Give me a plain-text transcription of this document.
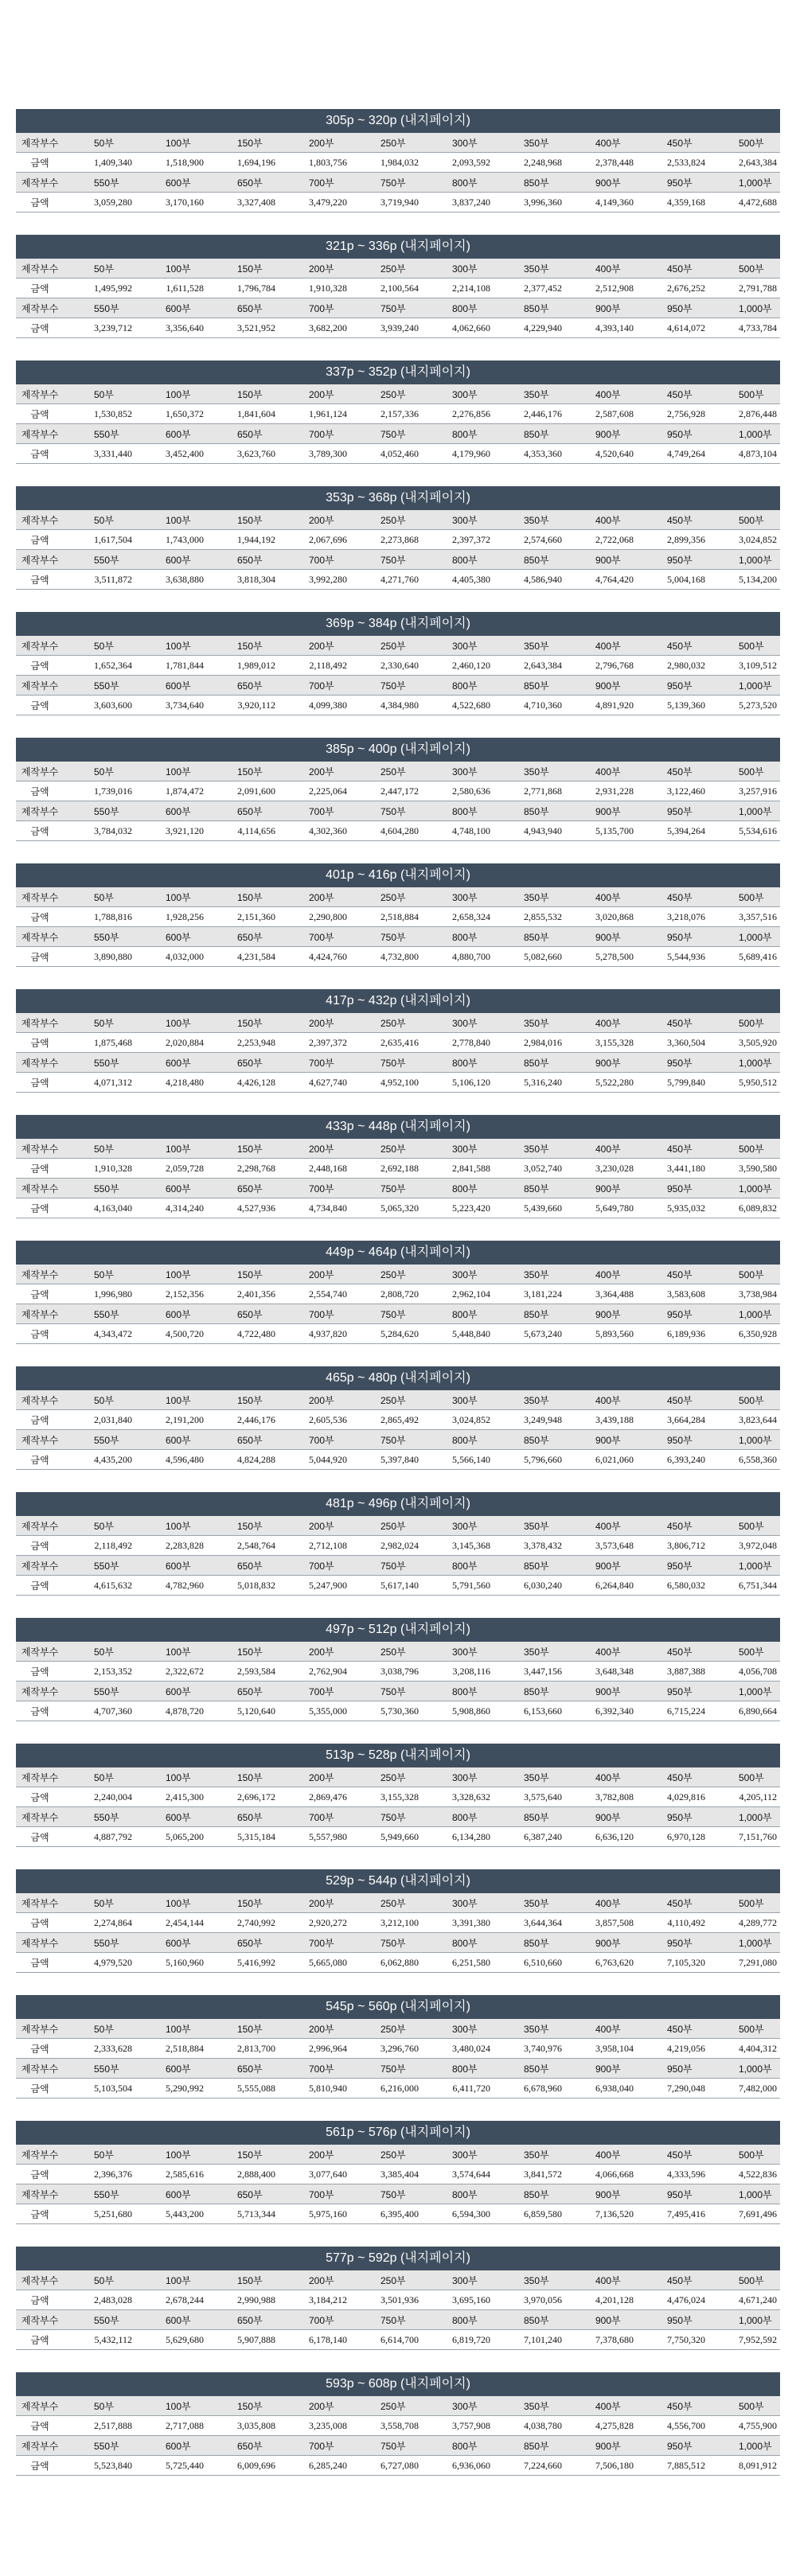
305p ~ 320p (내지페이지)
제작부수	50부	100부	150부	200부	250부	300부	350부	400부	450부	500부
금액	1,409,340	1,518,900	1,694,196	1,803,756	1,984,032	2,093,592	2,248,968	2,378,448	2,533,824	2,643,384
제작부수	550부	600부	650부	700부	750부	800부	850부	900부	950부	1,000부
금액	3,059,280	3,170,160	3,327,408	3,479,220	3,719,940	3,837,240	3,996,360	4,149,360	4,359,168	4,472,688
321p ~ 336p (내지페이지)
제작부수	50부	100부	150부	200부	250부	300부	350부	400부	450부	500부
금액	1,495,992	1,611,528	1,796,784	1,910,328	2,100,564	2,214,108	2,377,452	2,512,908	2,676,252	2,791,788
제작부수	550부	600부	650부	700부	750부	800부	850부	900부	950부	1,000부
금액	3,239,712	3,356,640	3,521,952	3,682,200	3,939,240	4,062,660	4,229,940	4,393,140	4,614,072	4,733,784
337p ~ 352p (내지페이지)
제작부수	50부	100부	150부	200부	250부	300부	350부	400부	450부	500부
금액	1,530,852	1,650,372	1,841,604	1,961,124	2,157,336	2,276,856	2,446,176	2,587,608	2,756,928	2,876,448
제작부수	550부	600부	650부	700부	750부	800부	850부	900부	950부	1,000부
금액	3,331,440	3,452,400	3,623,760	3,789,300	4,052,460	4,179,960	4,353,360	4,520,640	4,749,264	4,873,104
353p ~ 368p (내지페이지)
제작부수	50부	100부	150부	200부	250부	300부	350부	400부	450부	500부
금액	1,617,504	1,743,000	1,944,192	2,067,696	2,273,868	2,397,372	2,574,660	2,722,068	2,899,356	3,024,852
제작부수	550부	600부	650부	700부	750부	800부	850부	900부	950부	1,000부
금액	3,511,872	3,638,880	3,818,304	3,992,280	4,271,760	4,405,380	4,586,940	4,764,420	5,004,168	5,134,200
369p ~ 384p (내지페이지)
제작부수	50부	100부	150부	200부	250부	300부	350부	400부	450부	500부
금액	1,652,364	1,781,844	1,989,012	2,118,492	2,330,640	2,460,120	2,643,384	2,796,768	2,980,032	3,109,512
제작부수	550부	600부	650부	700부	750부	800부	850부	900부	950부	1,000부
금액	3,603,600	3,734,640	3,920,112	4,099,380	4,384,980	4,522,680	4,710,360	4,891,920	5,139,360	5,273,520
385p ~ 400p (내지페이지)
제작부수	50부	100부	150부	200부	250부	300부	350부	400부	450부	500부
금액	1,739,016	1,874,472	2,091,600	2,225,064	2,447,172	2,580,636	2,771,868	2,931,228	3,122,460	3,257,916
제작부수	550부	600부	650부	700부	750부	800부	850부	900부	950부	1,000부
금액	3,784,032	3,921,120	4,114,656	4,302,360	4,604,280	4,748,100	4,943,940	5,135,700	5,394,264	5,534,616
401p ~ 416p (내지페이지)
제작부수	50부	100부	150부	200부	250부	300부	350부	400부	450부	500부
금액	1,788,816	1,928,256	2,151,360	2,290,800	2,518,884	2,658,324	2,855,532	3,020,868	3,218,076	3,357,516
제작부수	550부	600부	650부	700부	750부	800부	850부	900부	950부	1,000부
금액	3,890,880	4,032,000	4,231,584	4,424,760	4,732,800	4,880,700	5,082,660	5,278,500	5,544,936	5,689,416
417p ~ 432p (내지페이지)
제작부수	50부	100부	150부	200부	250부	300부	350부	400부	450부	500부
금액	1,875,468	2,020,884	2,253,948	2,397,372	2,635,416	2,778,840	2,984,016	3,155,328	3,360,504	3,505,920
제작부수	550부	600부	650부	700부	750부	800부	850부	900부	950부	1,000부
금액	4,071,312	4,218,480	4,426,128	4,627,740	4,952,100	5,106,120	5,316,240	5,522,280	5,799,840	5,950,512
433p ~ 448p (내지페이지)
제작부수	50부	100부	150부	200부	250부	300부	350부	400부	450부	500부
금액	1,910,328	2,059,728	2,298,768	2,448,168	2,692,188	2,841,588	3,052,740	3,230,028	3,441,180	3,590,580
제작부수	550부	600부	650부	700부	750부	800부	850부	900부	950부	1,000부
금액	4,163,040	4,314,240	4,527,936	4,734,840	5,065,320	5,223,420	5,439,660	5,649,780	5,935,032	6,089,832
449p ~ 464p (내지페이지)
제작부수	50부	100부	150부	200부	250부	300부	350부	400부	450부	500부
금액	1,996,980	2,152,356	2,401,356	2,554,740	2,808,720	2,962,104	3,181,224	3,364,488	3,583,608	3,738,984
제작부수	550부	600부	650부	700부	750부	800부	850부	900부	950부	1,000부
금액	4,343,472	4,500,720	4,722,480	4,937,820	5,284,620	5,448,840	5,673,240	5,893,560	6,189,936	6,350,928
465p ~ 480p (내지페이지)
제작부수	50부	100부	150부	200부	250부	300부	350부	400부	450부	500부
금액	2,031,840	2,191,200	2,446,176	2,605,536	2,865,492	3,024,852	3,249,948	3,439,188	3,664,284	3,823,644
제작부수	550부	600부	650부	700부	750부	800부	850부	900부	950부	1,000부
금액	4,435,200	4,596,480	4,824,288	5,044,920	5,397,840	5,566,140	5,796,660	6,021,060	6,393,240	6,558,360
481p ~ 496p (내지페이지)
제작부수	50부	100부	150부	200부	250부	300부	350부	400부	450부	500부
금액	2,118,492	2,283,828	2,548,764	2,712,108	2,982,024	3,145,368	3,378,432	3,573,648	3,806,712	3,972,048
제작부수	550부	600부	650부	700부	750부	800부	850부	900부	950부	1,000부
금액	4,615,632	4,782,960	5,018,832	5,247,900	5,617,140	5,791,560	6,030,240	6,264,840	6,580,032	6,751,344
497p ~ 512p (내지페이지)
제작부수	50부	100부	150부	200부	250부	300부	350부	400부	450부	500부
금액	2,153,352	2,322,672	2,593,584	2,762,904	3,038,796	3,208,116	3,447,156	3,648,348	3,887,388	4,056,708
제작부수	550부	600부	650부	700부	750부	800부	850부	900부	950부	1,000부
금액	4,707,360	4,878,720	5,120,640	5,355,000	5,730,360	5,908,860	6,153,660	6,392,340	6,715,224	6,890,664
513p ~ 528p (내지페이지)
제작부수	50부	100부	150부	200부	250부	300부	350부	400부	450부	500부
금액	2,240,004	2,415,300	2,696,172	2,869,476	3,155,328	3,328,632	3,575,640	3,782,808	4,029,816	4,205,112
제작부수	550부	600부	650부	700부	750부	800부	850부	900부	950부	1,000부
금액	4,887,792	5,065,200	5,315,184	5,557,980	5,949,660	6,134,280	6,387,240	6,636,120	6,970,128	7,151,760
529p ~ 544p (내지페이지)
제작부수	50부	100부	150부	200부	250부	300부	350부	400부	450부	500부
금액	2,274,864	2,454,144	2,740,992	2,920,272	3,212,100	3,391,380	3,644,364	3,857,508	4,110,492	4,289,772
제작부수	550부	600부	650부	700부	750부	800부	850부	900부	950부	1,000부
금액	4,979,520	5,160,960	5,416,992	5,665,080	6,062,880	6,251,580	6,510,660	6,763,620	7,105,320	7,291,080
545p ~ 560p (내지페이지)
제작부수	50부	100부	150부	200부	250부	300부	350부	400부	450부	500부
금액	2,333,628	2,518,884	2,813,700	2,996,964	3,296,760	3,480,024	3,740,976	3,958,104	4,219,056	4,404,312
제작부수	550부	600부	650부	700부	750부	800부	850부	900부	950부	1,000부
금액	5,103,504	5,290,992	5,555,088	5,810,940	6,216,000	6,411,720	6,678,960	6,938,040	7,290,048	7,482,000
561p ~ 576p (내지페이지)
제작부수	50부	100부	150부	200부	250부	300부	350부	400부	450부	500부
금액	2,396,376	2,585,616	2,888,400	3,077,640	3,385,404	3,574,644	3,841,572	4,066,668	4,333,596	4,522,836
제작부수	550부	600부	650부	700부	750부	800부	850부	900부	950부	1,000부
금액	5,251,680	5,443,200	5,713,344	5,975,160	6,395,400	6,594,300	6,859,580	7,136,520	7,495,416	7,691,496
577p ~ 592p (내지페이지)
제작부수	50부	100부	150부	200부	250부	300부	350부	400부	450부	500부
금액	2,483,028	2,678,244	2,990,988	3,184,212	3,501,936	3,695,160	3,970,056	4,201,128	4,476,024	4,671,240
제작부수	550부	600부	650부	700부	750부	800부	850부	900부	950부	1,000부
금액	5,432,112	5,629,680	5,907,888	6,178,140	6,614,700	6,819,720	7,101,240	7,378,680	7,750,320	7,952,592
593p ~ 608p (내지페이지)
제작부수	50부	100부	150부	200부	250부	300부	350부	400부	450부	500부
금액	2,517,888	2,717,088	3,035,808	3,235,008	3,558,708	3,757,908	4,038,780	4,275,828	4,556,700	4,755,900
제작부수	550부	600부	650부	700부	750부	800부	850부	900부	950부	1,000부
금액	5,523,840	5,725,440	6,009,696	6,285,240	6,727,080	6,936,060	7,224,660	7,506,180	7,885,512	8,091,912
